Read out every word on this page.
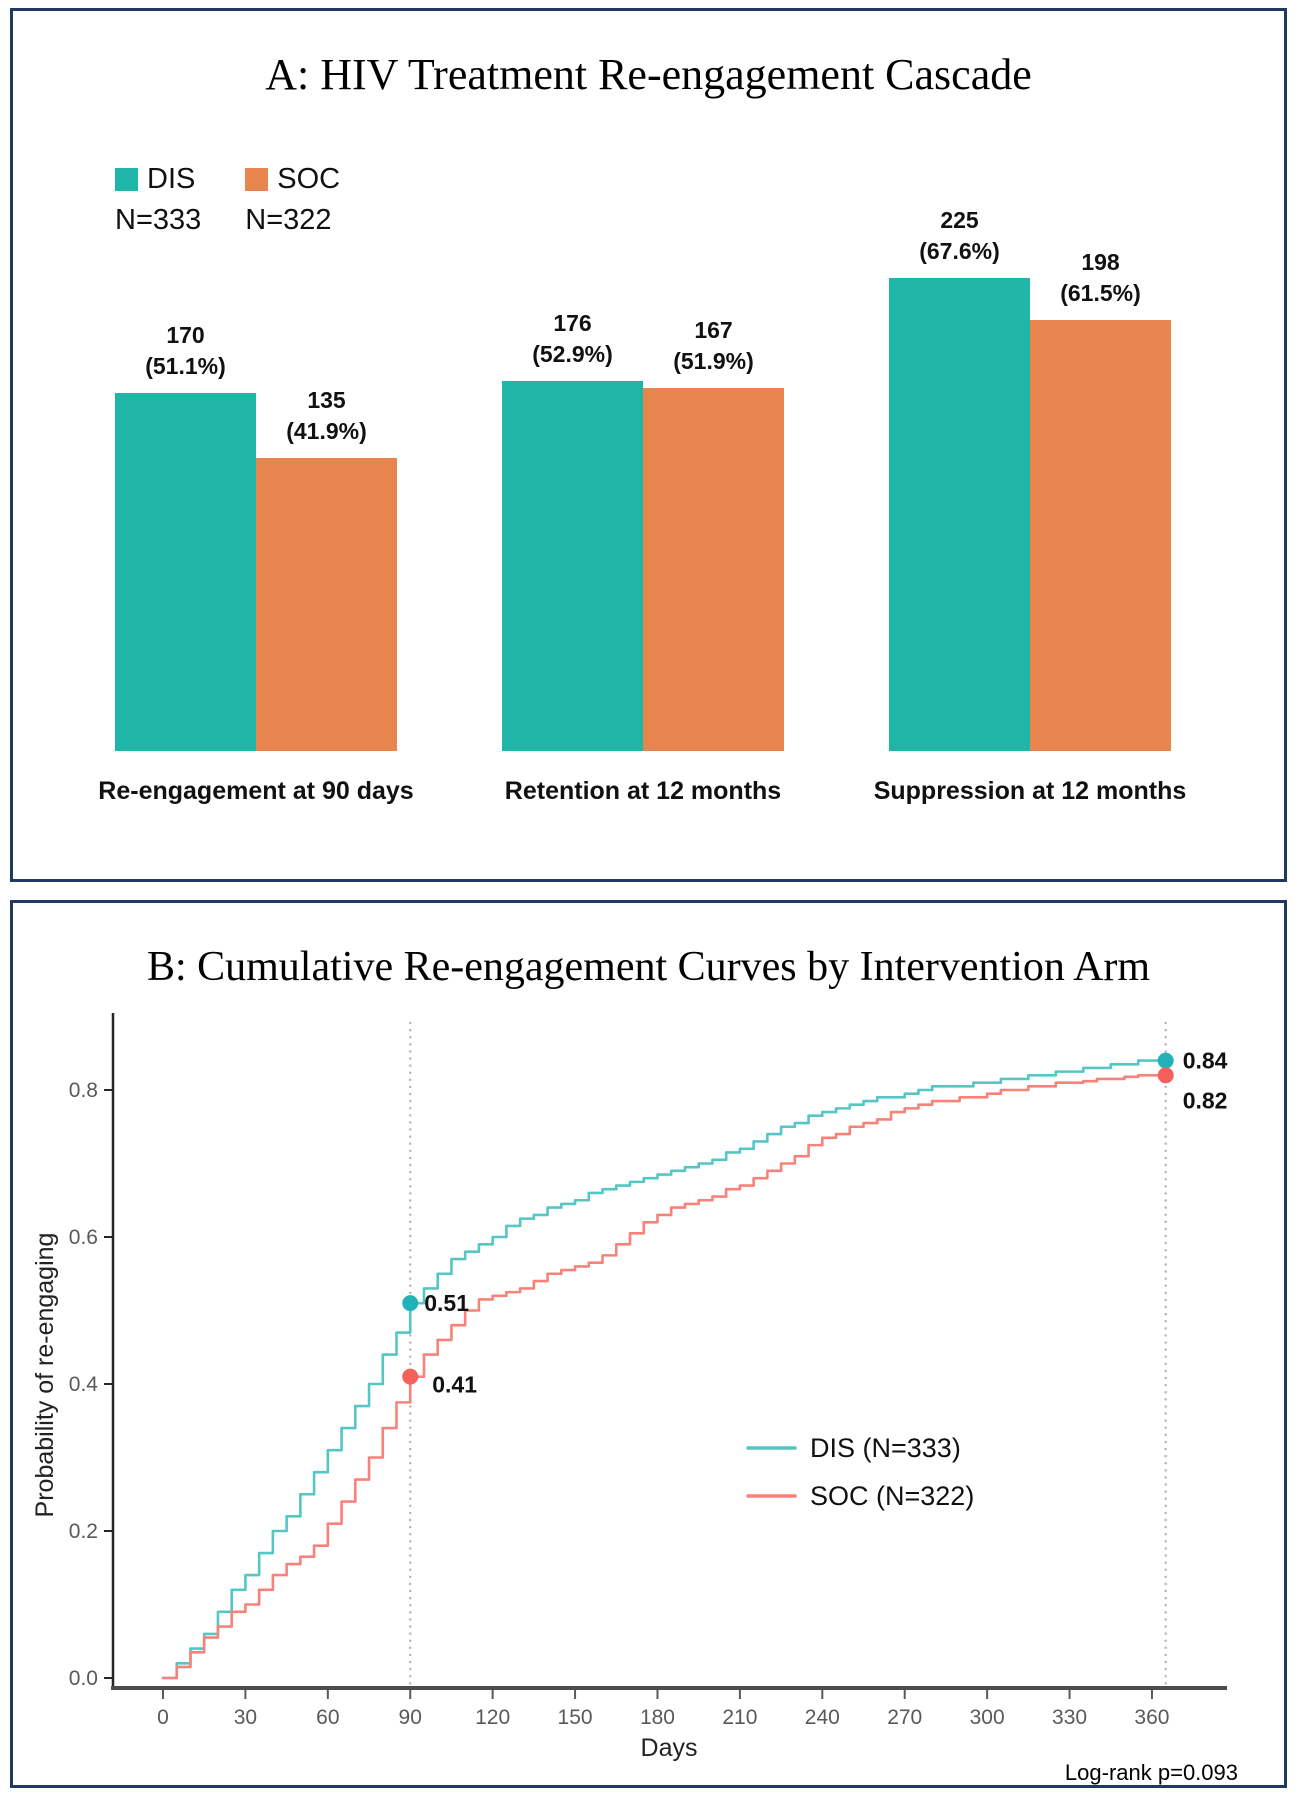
A: HIV Treatment Re-engagement Cascade
DIS
N=333
SOC
N=322
170
(51.1%)
135
(41.9%)
Re-engagement at 90 days
176
(52.9%)
167
(51.9%)
Retention at 12 months
225
(67.6%)	198
(61.5%)
Suppression at 12 months
B: Cumulative Re-engagement Curves by Intervention Arm
0.0
0.2
0.4
0.6
0.8
0	30	60	90	120 150 180 210 240 270 300 330 360
Days
Probability of re-engaging	0.51
0.41
0.84
0.82
DIS (N=333)
SOC (N=322)
Log-rank p=0.093
